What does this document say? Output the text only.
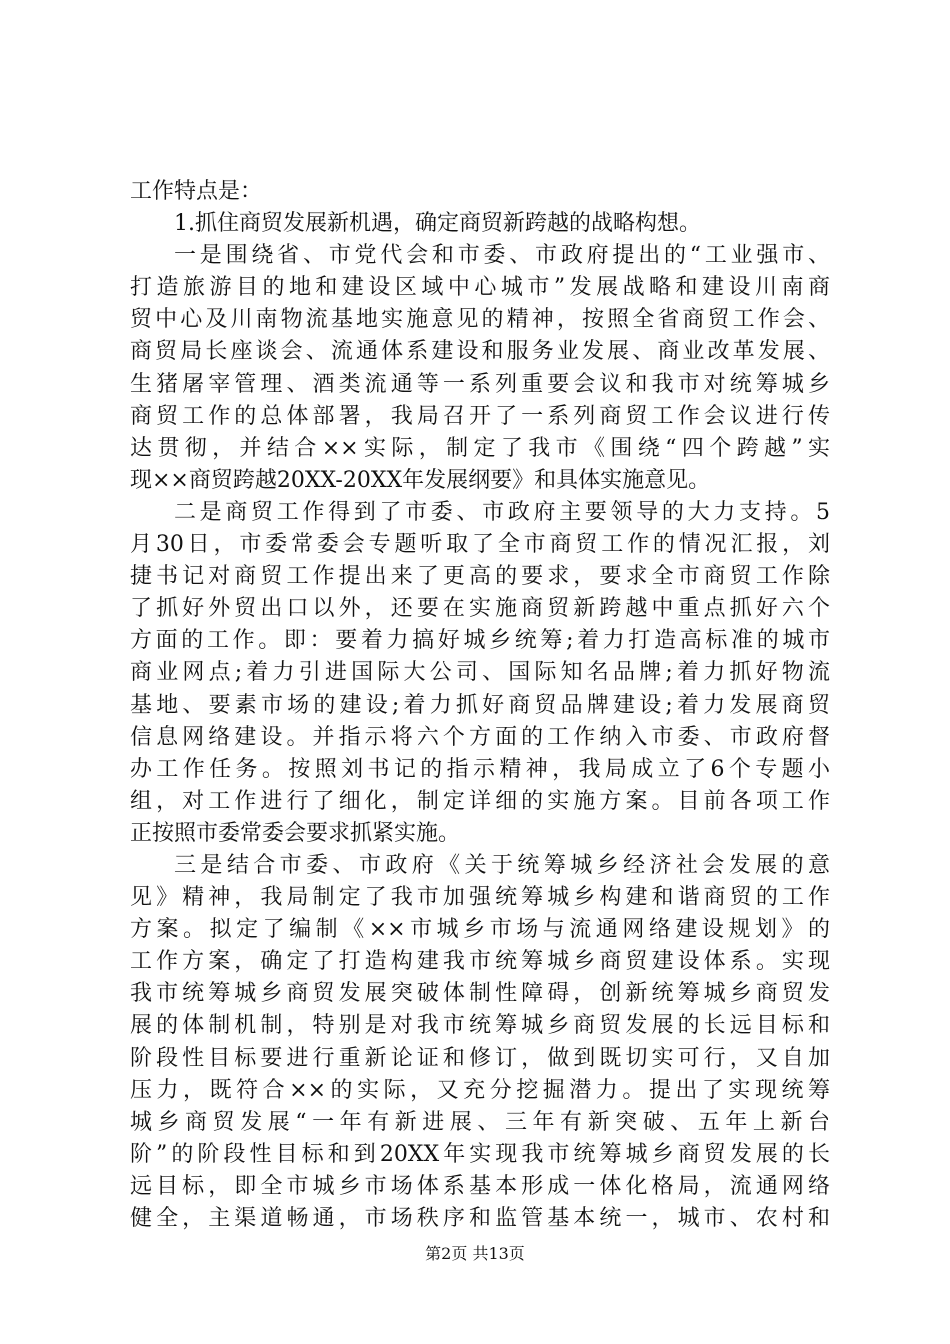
工作特点是：
1.抓住商贸发展新机遇，确定商贸新跨越的战略构想。
一是围绕省、市党代会和市委、市政府提出的“工业强市、
打造旅游目的地和建设区域中心城市”发展战略和建设川南商
贸中心及川南物流基地实施意见的精神，按照全省商贸工作会、
商贸局长座谈会、流通体系建设和服务业发展、商业改革发展、
生猪屠宰管理、酒类流通等一系列重要会议和我市对统筹城乡
商贸工作的总体部署，我局召开了一系列商贸工作会议进行传
达贯彻，并结合××实际，制定了我市《围绕“四个跨越”实
现××商贸跨越20XX-20XX年发展纲要》和具体实施意见。
二是商贸工作得到了市委、市政府主要领导的大力支持。5
月30日，市委常委会专题听取了全市商贸工作的情况汇报，刘
捷书记对商贸工作提出来了更高的要求，要求全市商贸工作除
了抓好外贸出口以外，还要在实施商贸新跨越中重点抓好六个
方面的工作。即：要着力搞好城乡统筹;着力打造高标准的城市
商业网点;着力引进国际大公司、国际知名品牌;着力抓好物流
基地、要素市场的建设;着力抓好商贸品牌建设;着力发展商贸
信息网络建设。并指示将六个方面的工作纳入市委、市政府督
办工作任务。按照刘书记的指示精神，我局成立了6个专题小
组，对工作进行了细化，制定详细的实施方案。目前各项工作
正按照市委常委会要求抓紧实施。
三是结合市委、市政府《关于统筹城乡经济社会发展的意
见》精神，我局制定了我市加强统筹城乡构建和谐商贸的工作
方案。拟定了编制《××市城乡市场与流通网络建设规划》的
工作方案，确定了打造构建我市统筹城乡商贸建设体系。实现
我市统筹城乡商贸发展突破体制性障碍，创新统筹城乡商贸发
展的体制机制，特别是对我市统筹城乡商贸发展的长远目标和
阶段性目标要进行重新论证和修订，做到既切实可行，又自加
压力，既符合××的实际，又充分挖掘潜力。提出了实现统筹
城乡商贸发展“一年有新进展、三年有新突破、五年上新台
阶”的阶段性目标和到20XX年实现我市统筹城乡商贸发展的长
远目标，即全市城乡市场体系基本形成一体化格局，流通网络
健全，主渠道畅通，市场秩序和监管基本统一，城市、农村和
第2页 共13页
